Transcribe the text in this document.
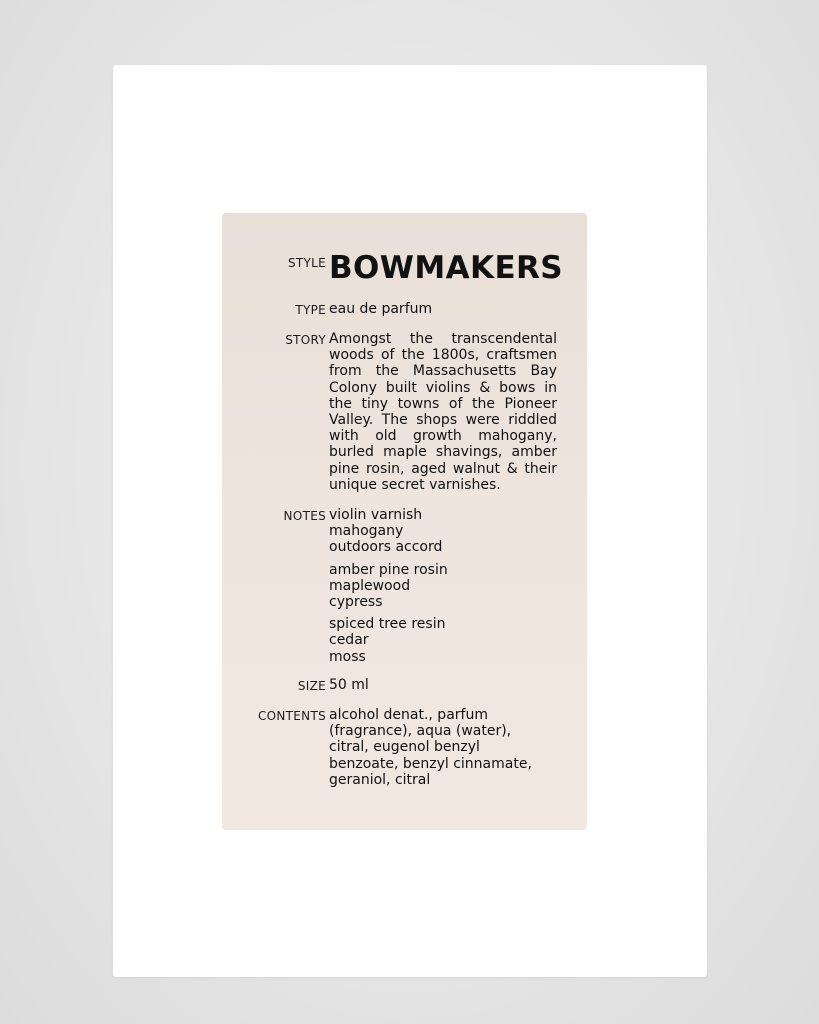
STYLE BOWMAKERS
TYPE eau de parfum
STORY Amongst the transcendental
woods of the 1800s, craftsmen
from the Massachusetts Bay
Colony built violins & bows in
the tiny towns of the Pioneer
Valley. The shops were riddled
with old growth mahogany,
burled maple shavings, amber
pine rosin, aged walnut & their
unique secret varnishes.
NOTES violin varnish
mahogany
outdoors accord
amber pine rosin
maplewood
cypress
spiced tree resin
cedar
moss
SIZE 50 ml
CONTENTS alcohol denat., parfum
(fragrance), aqua (water),
citral, eugenol benzyl
benzoate, benzyl cinnamate,
geraniol, citral
